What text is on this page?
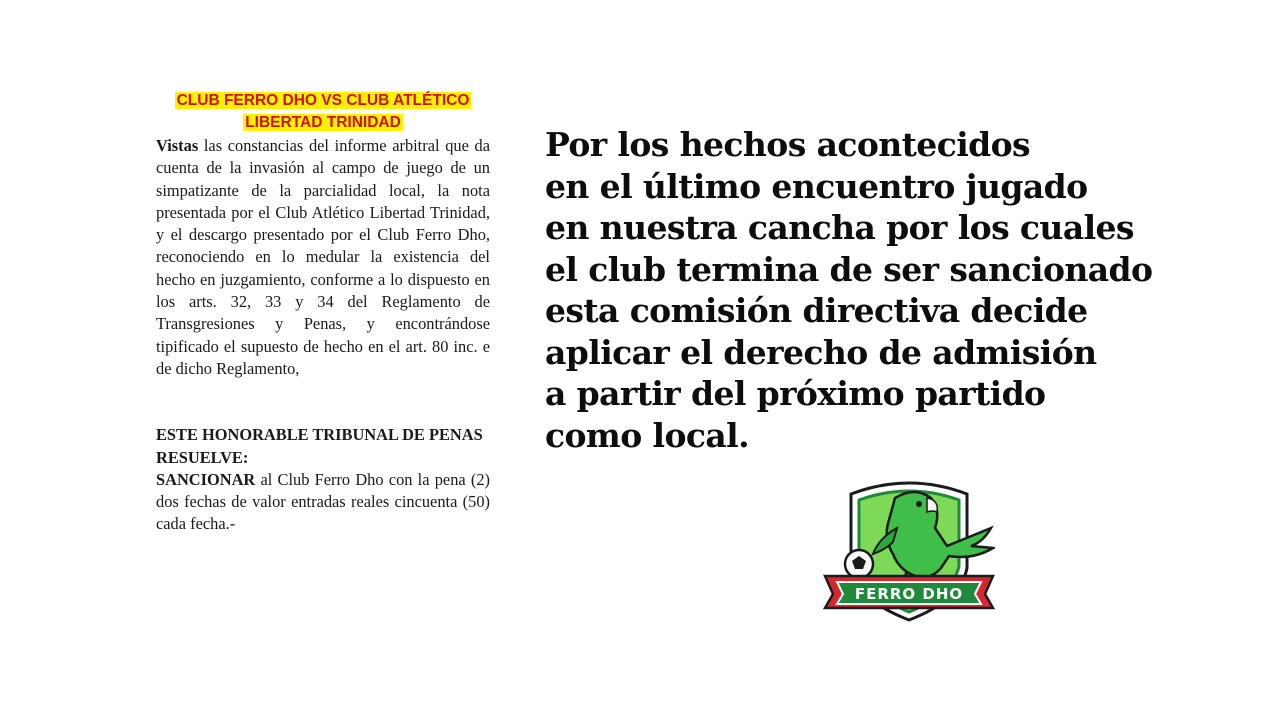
CLUB FERRO DHO VS CLUB ATLÉTICO
LIBERTAD TRINIDAD

Vistas las constancias del informe arbitral que da cuenta de la invasión al campo de juego de un simpatizante de la parcialidad local, la nota presentada por el Club Atlético Libertad Trinidad, y el descargo presentado por el Club Ferro Dho, reconociendo en lo medular la existencia del hecho en juzgamiento, conforme a lo dispuesto en los arts. 32, 33 y 34 del Reglamento de Transgresiones y Penas, y encontrándose tipificado el supuesto de hecho en el art. 80 inc. e de dicho Reglamento,

ESTE HONORABLE TRIBUNAL DE PENAS

RESUELVE:

SANCIONAR al Club Ferro Dho con la pena (2) dos fechas de valor entradas reales cincuenta (50) cada fecha.-

Por los hechos acontecidos
en el último encuentro jugado
en nuestra cancha por los cuales
el club termina de ser sancionado
esta comisión directiva decide
aplicar el derecho de admisión
a partir del próximo partido
como local.
FERRO DHO
